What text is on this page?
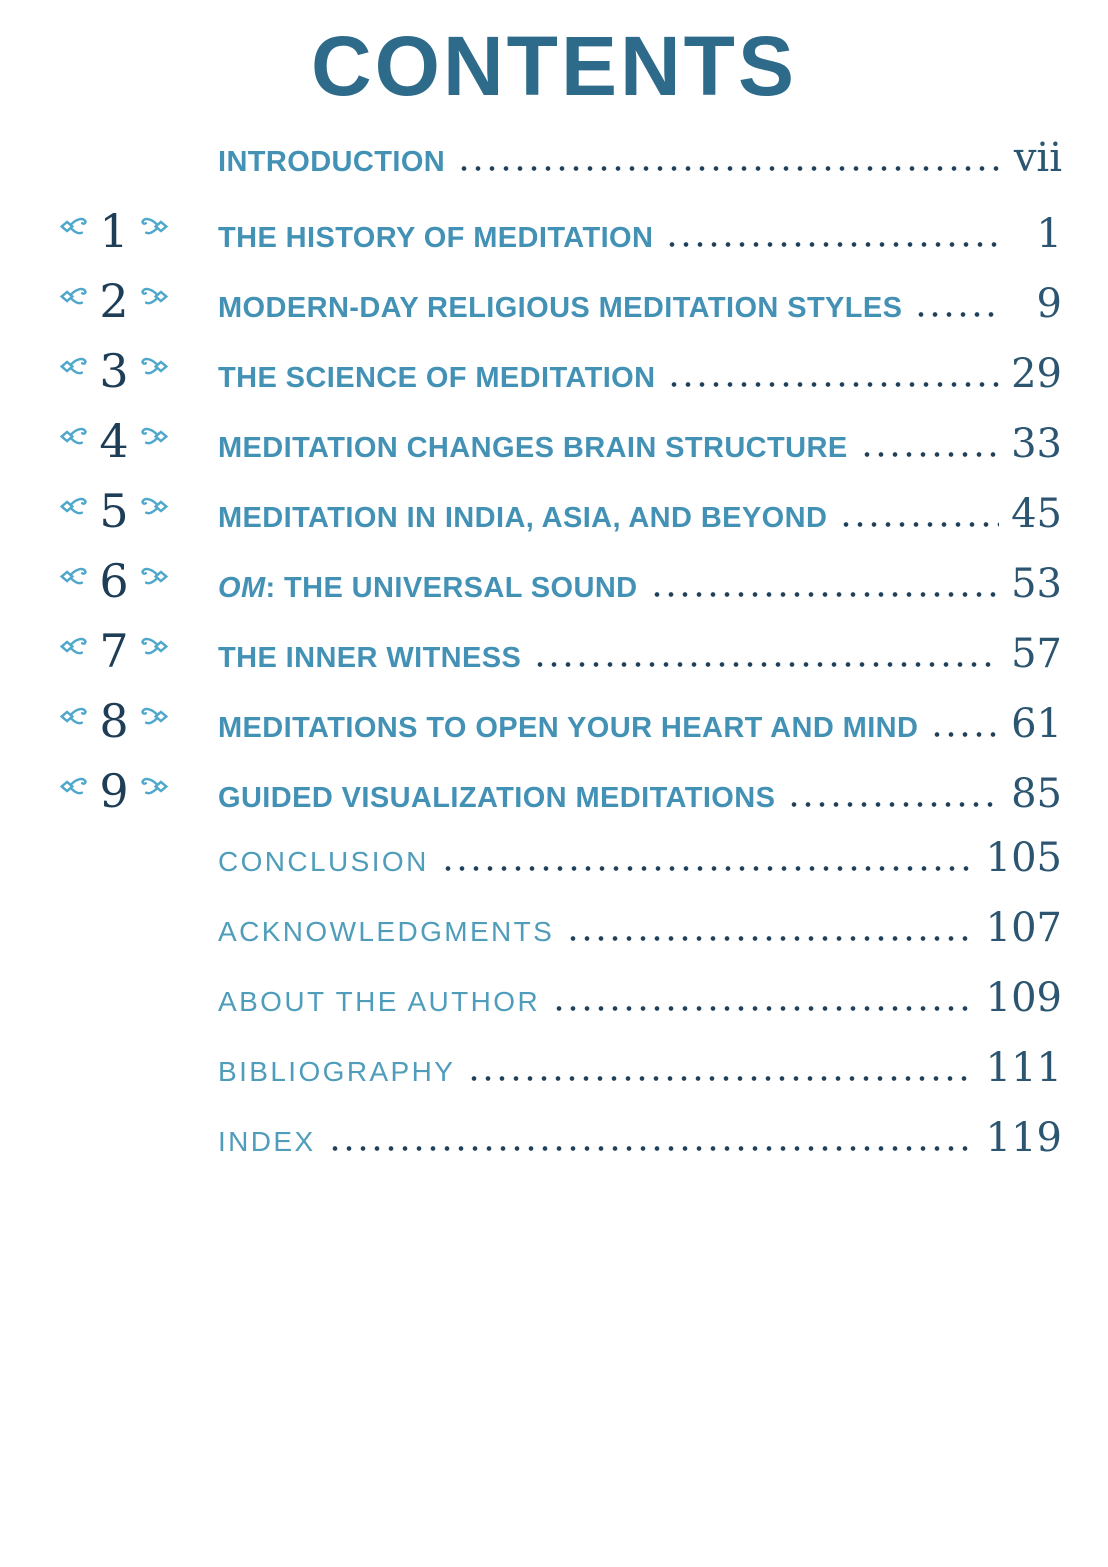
CONTENTS
INTRODUCTION	vii
1	THE HISTORY OF MEDITATION	1
2	MODERN-DAY RELIGIOUS MEDITATION STYLES	9
3	THE SCIENCE OF MEDITATION	29
4	MEDITATION CHANGES BRAIN STRUCTURE	33
5	MEDITATION IN INDIA, ASIA, AND BEYOND	45
6	OM: THE UNIVERSAL SOUND	53
7	THE INNER WITNESS	57
8	MEDITATIONS TO OPEN YOUR HEART AND MIND 61
9	GUIDED VISUALIZATION MEDITATIONS	85
CONCLUSION	105
ACKNOWLEDGMENTS	107
ABOUT THE AUTHOR	109
BIBLIOGRAPHY	111
INDEX	119
